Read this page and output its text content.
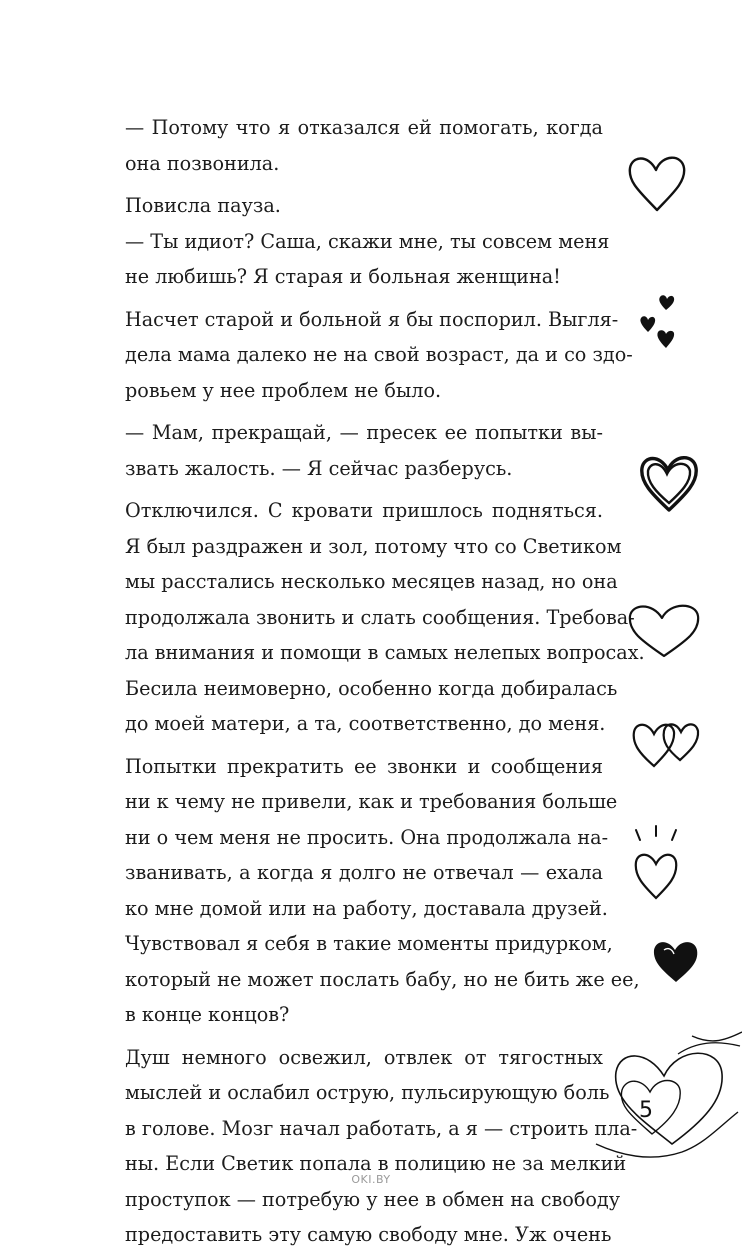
— Потому что я отказался ей помогать, когда
она позвонила.
Повисла пауза.
— Ты идиот? Саша, скажи мне, ты совсем меня
не любишь? Я старая и больная женщина!
Насчет старой и больной я бы поспорил. Выгля-
дела мама далеко не на свой возраст, да и со здо-
ровьем у нее проблем не было.
— Мам, прекращай, — пресек ее попытки вы-
звать жалость. — Я сейчас разберусь.
Отключился. С кровати пришлось подняться.
Я был раздражен и зол, потому что со Светиком
мы расстались несколько месяцев назад, но она
продолжала звонить и слать сообщения. Требова-
ла внимания и помощи в самых нелепых вопросах.
Бесила неимоверно, особенно когда добиралась
до моей матери, а та, соответственно, до меня.
Попытки прекратить ее звонки и сообщения
ни к чему не привели, как и требования больше
ни о чем меня не просить. Она продолжала на-
званивать, а когда я долго не отвечал — ехала
ко мне домой или на работу, доставала друзей.
Чувствовал я себя в такие моменты придурком,
который не может послать бабу, но не бить же ее,
в конце концов?
Душ немного освежил, отвлек от тягостных
мыслей и ослабил острую, пульсирующую боль
в голове. Мозг начал работать, а я — строить пла-
ны. Если Светик попала в полицию не за мелкий
проступок — потребую у нее в обмен на свободу
предоставить эту самую свободу мне. Уж очень
5
OKI.BY
